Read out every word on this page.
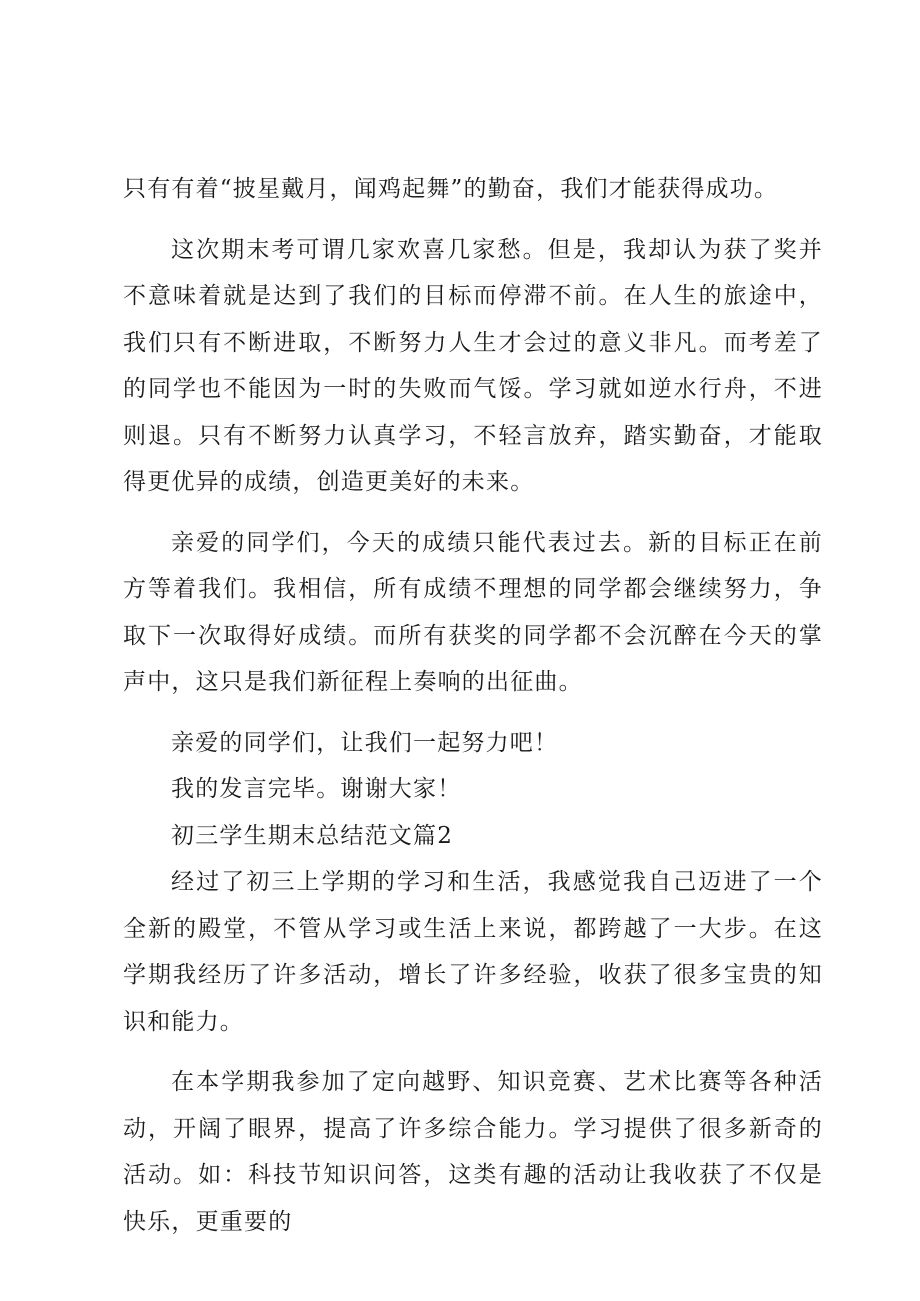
只有有着“披星戴月，闻鸡起舞”的勤奋，我们才能获得成功。

这次期末考可谓几家欢喜几家愁。但是，我却认为获了奖并不意味着就是达到了我们的目标而停滞不前。在人生的旅途中，我们只有不断进取，不断努力人生才会过的意义非凡。而考差了的同学也不能因为一时的失败而气馁。学习就如逆水行舟，不进则退。只有不断努力认真学习，不轻言放弃，踏实勤奋，才能取得更优异的成绩，创造更美好的未来。

亲爱的同学们，今天的成绩只能代表过去。新的目标正在前方等着我们。我相信，所有成绩不理想的同学都会继续努力，争取下一次取得好成绩。而所有获奖的同学都不会沉醉在今天的掌声中，这只是我们新征程上奏响的出征曲。

亲爱的同学们，让我们一起努力吧！

我的发言完毕。谢谢大家！

初三学生期末总结范文篇2

经过了初三上学期的学习和生活，我感觉我自己迈进了一个全新的殿堂，不管从学习或生活上来说，都跨越了一大步。在这学期我经历了许多活动，增长了许多经验，收获了很多宝贵的知识和能力。

在本学期我参加了定向越野、知识竞赛、艺术比赛等各种活动，开阔了眼界，提高了许多综合能力。学习提供了很多新奇的活动。如：科技节知识问答，这类有趣的活动让我收获了不仅是快乐，更重要的
